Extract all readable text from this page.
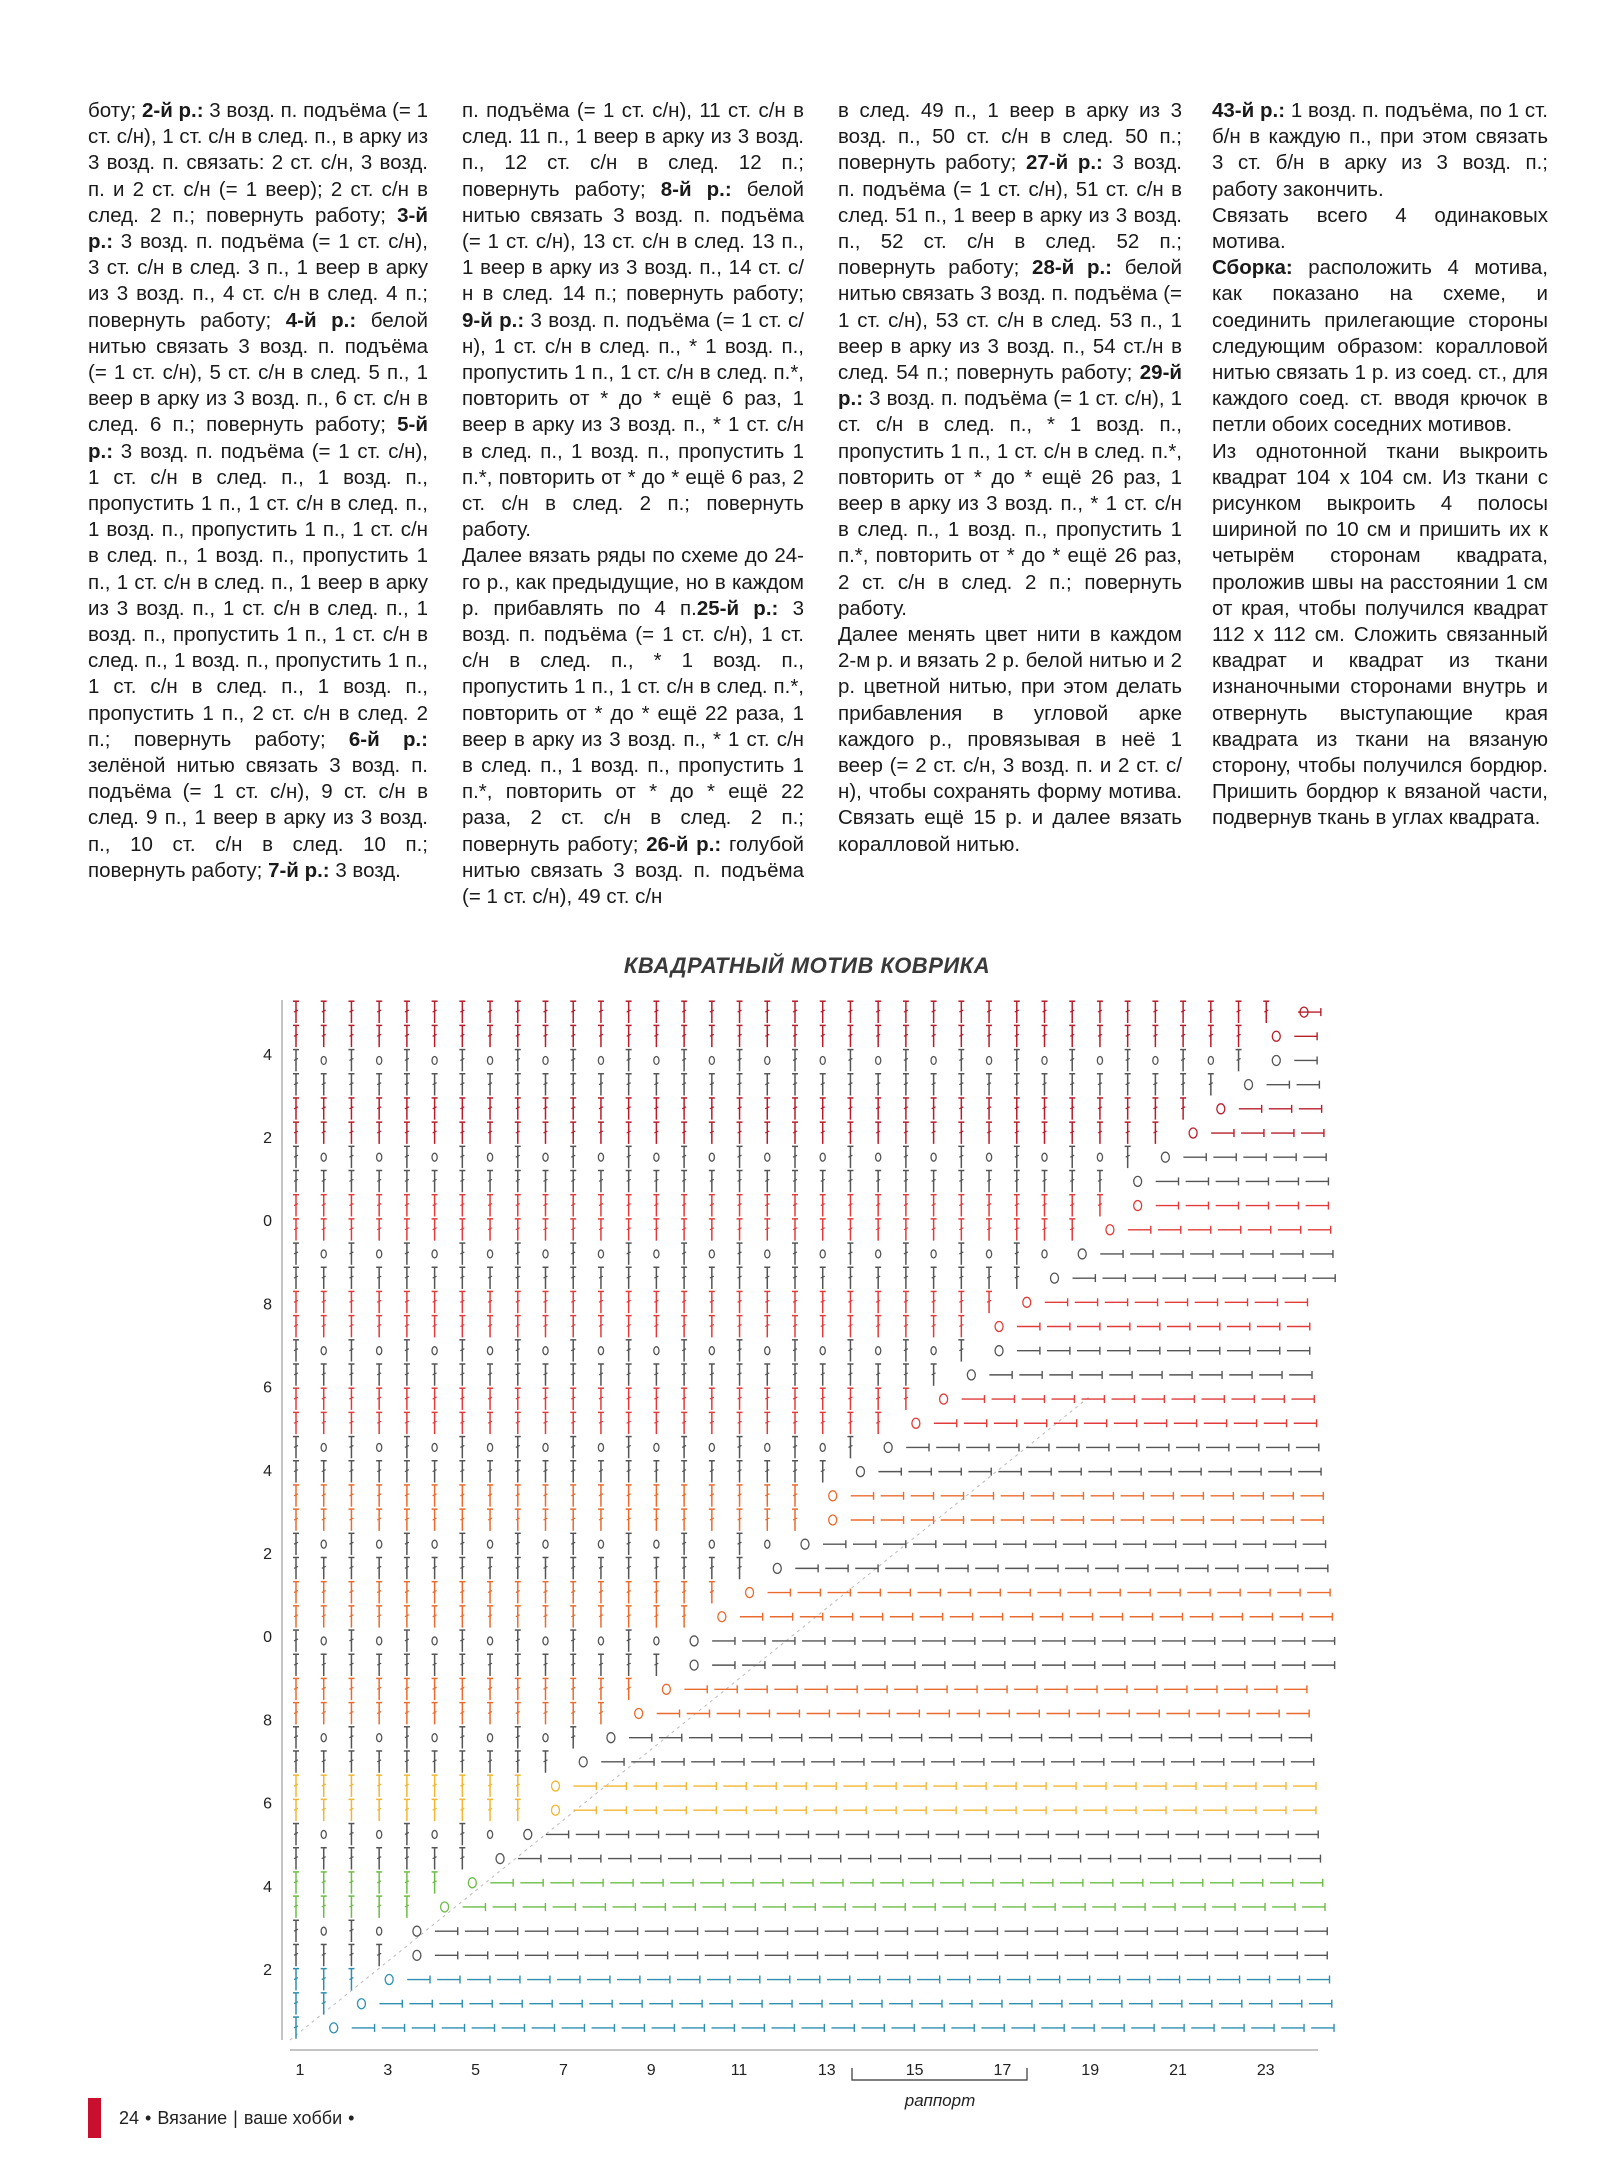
боту; 2-й р.: 3 возд. п. подъёма (= 1 ст. с/н), 1 ст. с/н в след. п., в арку из 3 возд. п. связать: 2 ст. с/н, 3 возд. п. и 2 ст. с/н (= 1 веер); 2 ст. с/н в след. 2 п.; повернуть работу; 3-й р.: 3 возд. п. подъёма (= 1 ст. с/н), 3 ст. с/н в след. 3 п., 1 веер в арку из 3 возд. п., 4 ст. с/н в след. 4 п.; повернуть работу; 4-й р.: белой нитью связать 3 возд. п. подъёма (= 1 ст. с/н), 5 ст. с/н в след. 5 п., 1 веер в арку из 3 возд. п., 6 ст. с/н в след. 6 п.; повернуть работу; 5-й р.: 3 возд. п. подъёма (= 1 ст. с/н), 1 ст. с/н в след. п., 1 возд. п., пропустить 1 п., 1 ст. с/н в след. п., 1 возд. п., пропустить 1 п., 1 ст. с/н в след. п., 1 возд. п., пропустить 1 п., 1 ст. с/н в след. п., 1 веер в арку из 3 возд. п., 1 ст. с/н в след. п., 1 возд. п., пропустить 1 п., 1 ст. с/н в след. п., 1 возд. п., пропустить 1 п., 1 ст. с/н в след. п., 1 возд. п., пропустить 1 п., 2 ст. с/н в след. 2 п.; повернуть работу; 6-й р.: зелёной нитью связать 3 возд. п. подъёма (= 1 ст. с/н), 9 ст. с/н в след. 9 п., 1 веер в арку из 3 возд. п., 10 ст. с/н в след. 10 п.; повернуть работу; 7-й р.: 3 возд.

п. подъёма (= 1 ст. с/н), 11 ст. с/н в след. 11 п., 1 веер в арку из 3 возд. п., 12 ст. с/н в след. 12 п.; повернуть работу; 8-й р.: белой нитью связать 3 возд. п. подъёма (= 1 ст. с/н), 13 ст. с/н в след. 13 п., 1 веер в арку из 3 возд. п., 14 ст. с/н в след. 14 п.; повернуть работу; 9-й р.: 3 возд. п. подъёма (= 1 ст. с/н), 1 ст. с/н в след. п., * 1 возд. п., пропустить 1 п., 1 ст. с/н в след. п.*, повторить от * до * ещё 6 раз, 1 веер в арку из 3 возд. п., * 1 ст. с/н в след. п., 1 возд. п., пропустить 1 п.*, повторить от * до * ещё 6 раз, 2 ст. с/н в след. 2 п.; повернуть работу.

Далее вязать ряды по схеме до 24-го р., как предыдущие, но в каждом р. прибавлять по 4 п.25-й р.: 3 возд. п. подъёма (= 1 ст. с/н), 1 ст. с/н в след. п., * 1 возд. п., пропустить 1 п., 1 ст. с/н в след. п.*, повторить от * до * ещё 22 раза, 1 веер в арку из 3 возд. п., * 1 ст. с/н в след. п., 1 возд. п., пропустить 1 п.*, повторить от * до * ещё 22 раза, 2 ст. с/н в след. 2 п.; повернуть работу; 26-й р.: голубой нитью связать 3 возд. п. подъёма (= 1 ст. с/н), 49 ст. с/н

в след. 49 п., 1 веер в арку из 3 возд. п., 50 ст. с/н в след. 50 п.; повернуть работу; 27-й р.: 3 возд. п. подъёма (= 1 ст. с/н), 51 ст. с/н в след. 51 п., 1 веер в арку из 3 возд. п., 52 ст. с/н в след. 52 п.; повернуть работу; 28-й р.: белой нитью связать 3 возд. п. подъёма (= 1 ст. с/н), 53 ст. с/н в след. 53 п., 1 веер в арку из 3 возд. п., 54 ст./н в след. 54 п.; повернуть работу; 29-й р.: 3 возд. п. подъёма (= 1 ст. с/н), 1 ст. с/н в след. п., * 1 возд. п., пропустить 1 п., 1 ст. с/н в след. п.*, повторить от * до * ещё 26 раз, 1 веер в арку из 3 возд. п., * 1 ст. с/н в след. п., 1 возд. п., пропустить 1 п.*, повторить от * до * ещё 26 раз, 2 ст. с/н в след. 2 п.; повернуть работу.

Далее менять цвет нити в каждом 2-м р. и вязать 2 р. белой нитью и 2 р. цветной нитью, при этом делать прибавления в угловой арке каждого р., провязывая в неё 1 веер (= 2 ст. с/н, 3 возд. п. и 2 ст. с/н), чтобы сохранять форму мотива. Связать ещё 15 р. и далее вязать коралловой нитью.

43-й р.: 1 возд. п. подъёма, по 1 ст. б/н в каждую п., при этом связать 3 ст. б/н в арку из 3 возд. п.; работу закончить.

Связать всего 4 одинаковых мотива.

Сборка: расположить 4 мотива, как показано на схеме, и соединить прилегающие стороны следующим образом: коралловой нитью связать 1 р. из соед. ст., для каждого соед. ст. вводя крючок в петли обоих соседних мотивов.

Из однотонной ткани выкроить квадрат 104 х 104 см. Из ткани с рисунком выкроить 4 полосы шириной по 10 см и пришить их к четырём сторонам квадрата, проложив швы на расстоянии 1 см от края, чтобы получился квадрат 112 х 112 см. Сложить связанный квадрат и квадрат из ткани изнаночными сторонами внутрь и отвернуть выступающие края квадрата из ткани на вязаную сторону, чтобы получился бордюр. Пришить бордюр к вязаной части, подвернув ткань в углах квадрата.

КВАДРАТНЫЙ МОТИВ КОВРИКА
1	3	5	7	9	11	13	15	17	19	21	23
2
4
6
8
0
2
4
6
8
0
2
4
раппорт
24 • Вязание | ваше хобби •
